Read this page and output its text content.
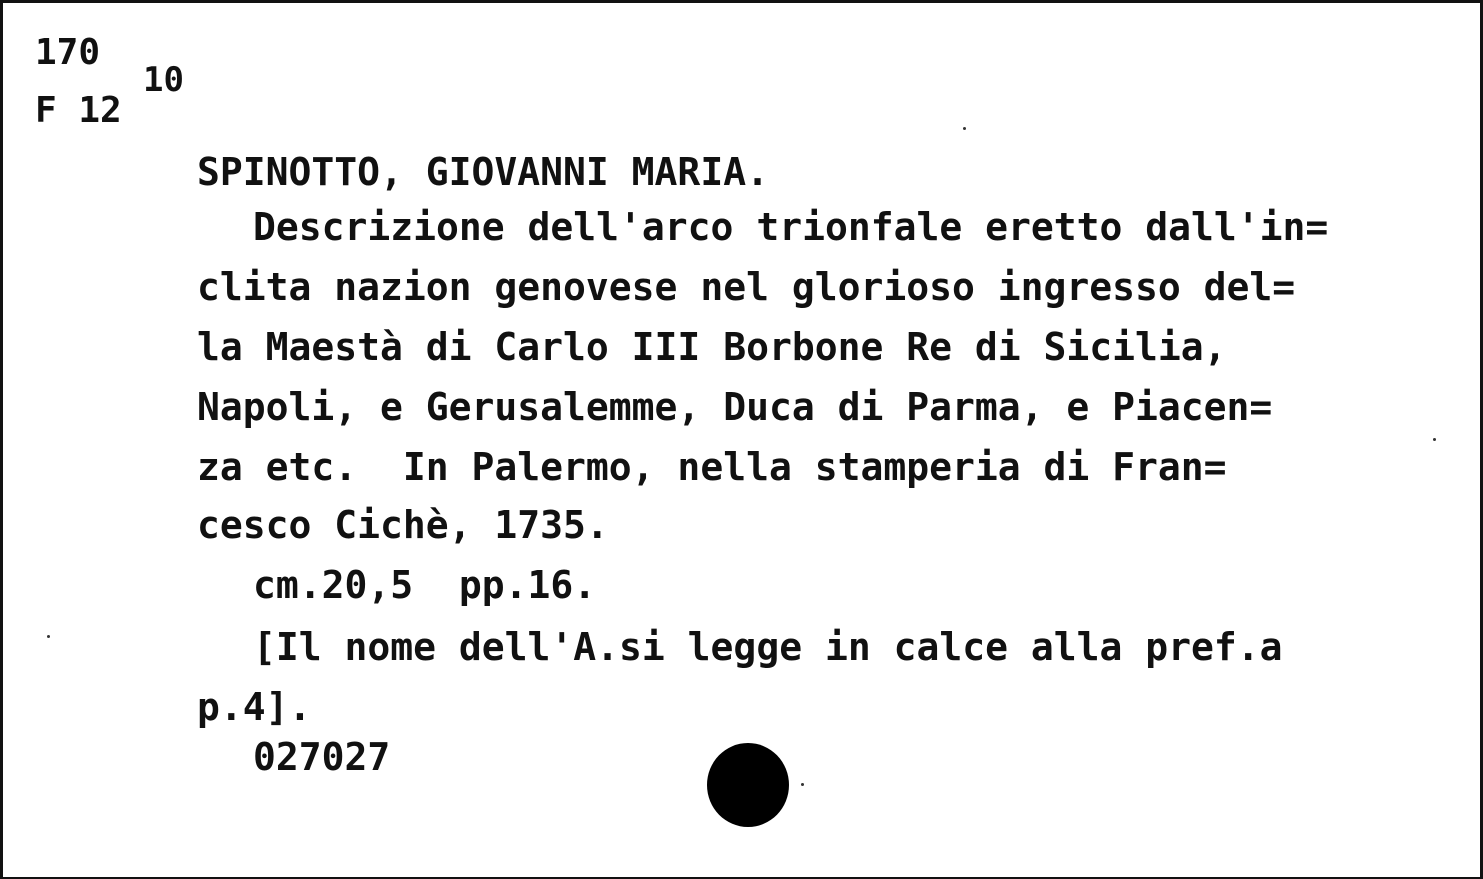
170
F 12
10
SPINOTTO, GIOVANNI MARIA.
Descrizione dell'arco trionfale eretto dall'in=
clita nazion genovese nel glorioso ingresso del=
la Maestà di Carlo III Borbone Re di Sicilia,
Napoli, e Gerusalemme, Duca di Parma, e Piacen=
za etc.  In Palermo, nella stamperia di Fran=
cesco Cichè, 1735.
cm.20,5  pp.16.
[Il nome dell'A.si legge in calce alla pref.a
p.4].
027027
